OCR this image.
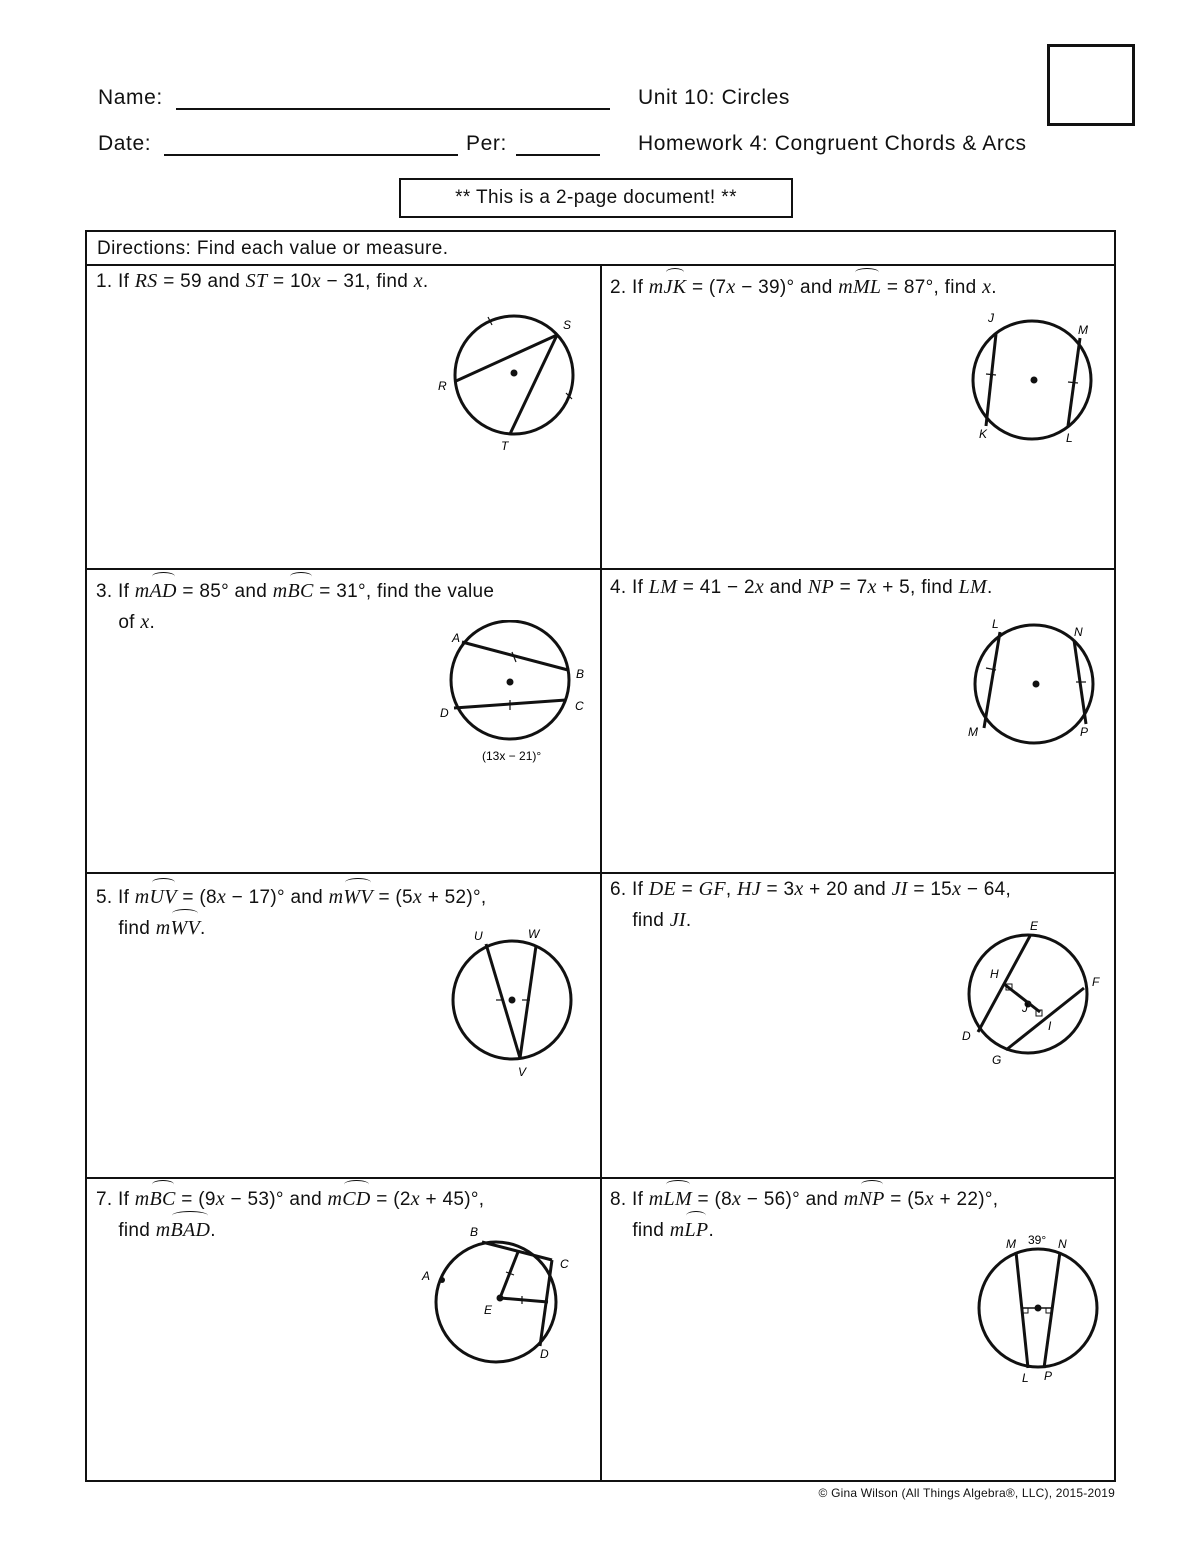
Name:	Unit 10: Circles
Date:	Per:	Homework 4: Congruent Chords & Arcs
** This is a 2-page document! **
Directions: Find each value or measure.
1. If RS = 59 and ST = 10x − 31, find x.
R
S
T
2. If mJK = (7x − 39)° and mML = 87°, find x.
J
M
K	L
3. If mAD = 85° and mBC = 31°, find the value
of x.
A
B
C
D
(13x − 21)°
4. If LM = 41 − 2x and NP = 7x + 5, find LM.
L
N
M	P
5. If mUV = (8x − 17)° and mWV = (5x + 52)°,
find mWV.	U	W
V
6. If DE = GF, HJ = 3x + 20 and JI = 15x − 64,
find JI.	E
H
F
J
I
D
G
7. If mBC = (9x − 53)° and mCD = (2x + 45)°,
find mBAD.	B
C
A
E
D
8. If mLM = (8x − 56)° and mNP = (5x + 22)°,
find mLP.
M	N
L P
39°
© Gina Wilson (All Things Algebra®, LLC), 2015-2019
